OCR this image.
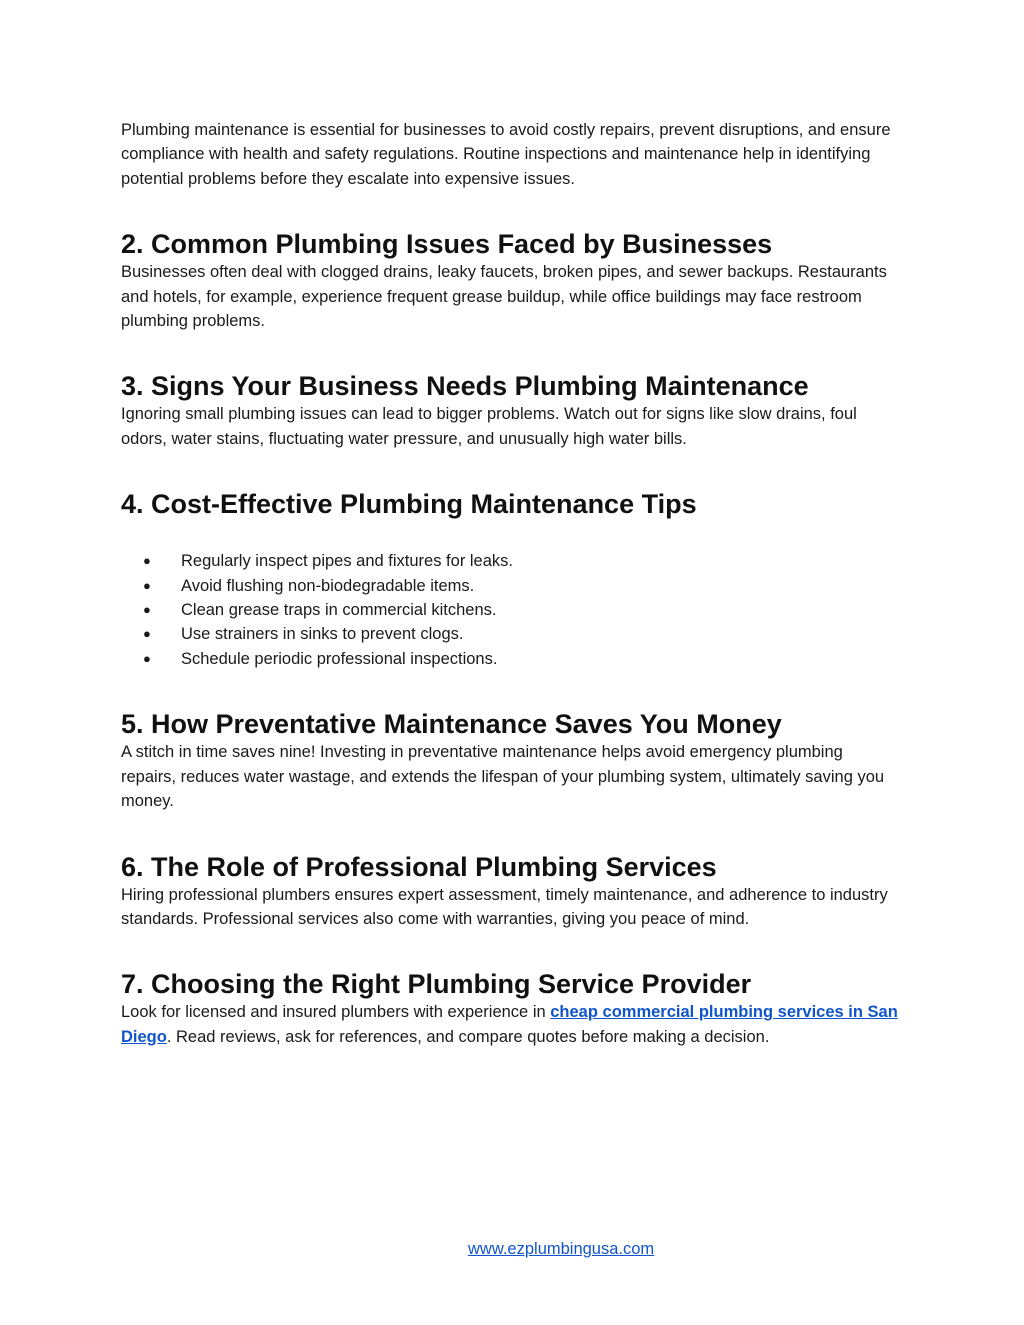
Plumbing maintenance is essential for businesses to avoid costly repairs, prevent disruptions, and ensure compliance with health and safety regulations. Routine inspections and maintenance help in identifying potential problems before they escalate into expensive issues.

2. Common Plumbing Issues Faced by Businesses

Businesses often deal with clogged drains, leaky faucets, broken pipes, and sewer backups. Restaurants and hotels, for example, experience frequent grease buildup, while office buildings may face restroom plumbing problems.

3. Signs Your Business Needs Plumbing Maintenance

Ignoring small plumbing issues can lead to bigger problems. Watch out for signs like slow drains, foul odors, water stains, fluctuating water pressure, and unusually high water bills.

4. Cost-Effective Plumbing Maintenance Tips
● Regularly inspect pipes and fixtures for leaks.
● Avoid flushing non-biodegradable items.
● Clean grease traps in commercial kitchens.
● Use strainers in sinks to prevent clogs.
● Schedule periodic professional inspections.
5. How Preventative Maintenance Saves You Money

A stitch in time saves nine! Investing in preventative maintenance helps avoid emergency plumbing repairs, reduces water wastage, and extends the lifespan of your plumbing system, ultimately saving you money.

6. The Role of Professional Plumbing Services

Hiring professional plumbers ensures expert assessment, timely maintenance, and adherence to industry standards. Professional services also come with warranties, giving you peace of mind.

7. Choosing the Right Plumbing Service Provider

Look for licensed and insured plumbers with experience in cheap commercial plumbing services in San Diego. Read reviews, ask for references, and compare quotes before making a decision.

www.ezplumbingusa.com
